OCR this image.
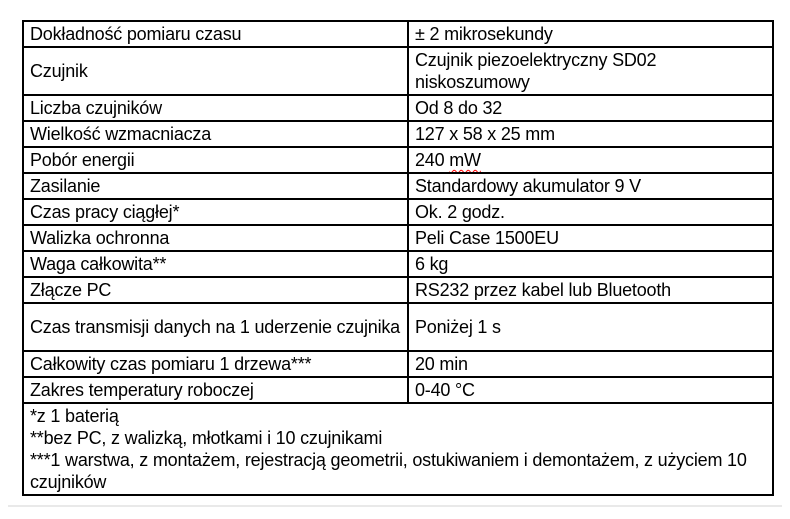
Dokładność pomiaru czasu	± 2 mikrosekundy
Czujnik	Czujnik piezoelektryczny SD02 niskoszumowy
Liczba czujników	Od 8 do 32
Wielkość wzmacniacza	127 x 58 x 25 mm
Pobór energii	240 mW
Zasilanie	Standardowy akumulator 9 V
Czas pracy ciągłej*	Ok. 2 godz.
Walizka ochronna	Peli Case 1500EU
Waga całkowita**	6 kg
Złącze PC	RS232 przez kabel lub Bluetooth
Czas transmisji danych na 1 uderzenie czujnika	Poniżej 1 s
Całkowity czas pomiaru 1 drzewa***	20 min
Zakres temperatury roboczej	0-40 °C

*z 1 baterią
**bez PC, z walizką, młotkami i 10 czujnikami
***1 warstwa, z montażem, rejestracją geometrii, ostukiwaniem i demontażem, z użyciem 10 czujników	
